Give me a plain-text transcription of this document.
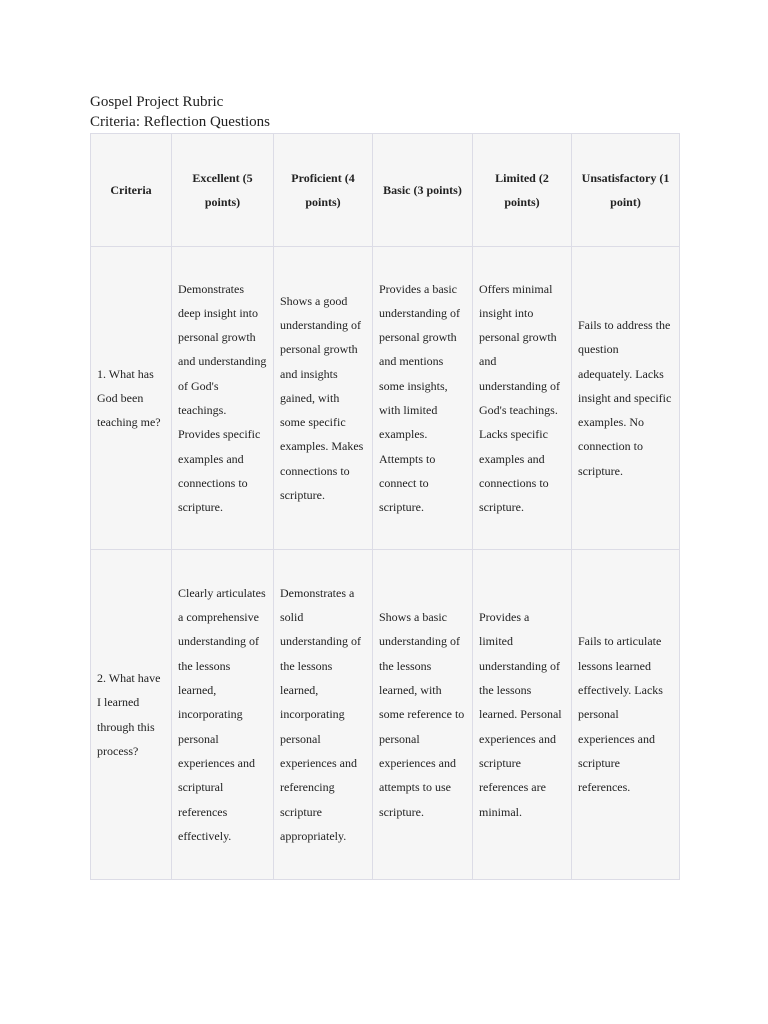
Gospel Project Rubric
Criteria: Reflection Questions
Criteria	Excellent (5 points)	Proficient (4 points)	Basic (3 points)	Limited (2 points)	Unsatisfactory (1 point)
1. What has God been teaching me?	Demonstrates deep insight into personal growth and understanding of God's teachings. Provides specific examples and connections to scripture.	Shows a good understanding of personal growth and insights gained, with some specific examples. Makes connections to scripture.	Provides a basic understanding of personal growth and mentions some insights, with limited examples. Attempts to connect to scripture.	Offers minimal insight into personal growth and understanding of God's teachings. Lacks specific examples and connections to scripture.	Fails to address the question adequately. Lacks insight and specific examples. No connection to scripture.
2. What have I learned through this process?	Clearly articulates a comprehensive understanding of the lessons learned, incorporating personal experiences and scriptural references effectively.	Demonstrates a solid understanding of the lessons learned, incorporating personal experiences and referencing scripture appropriately.	Shows a basic understanding of the lessons learned, with some reference to personal experiences and attempts to use scripture.	Provides a limited understanding of the lessons learned. Personal experiences and scripture references are minimal.	Fails to articulate lessons learned effectively. Lacks personal experiences and scripture references.
